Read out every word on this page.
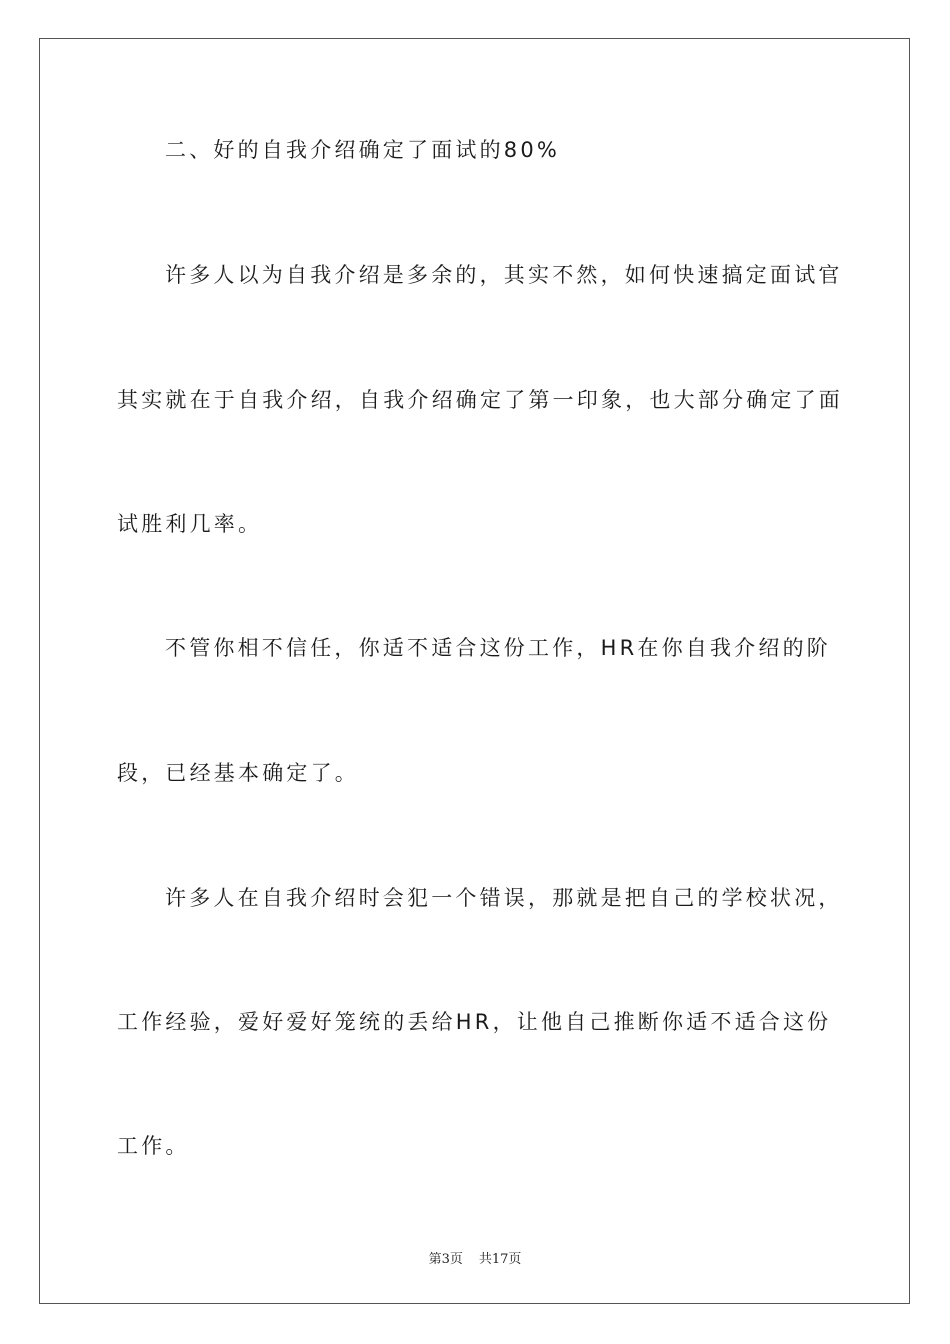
二、好的自我介绍确定了面试的80%
许多人以为自我介绍是多余的，其实不然，如何快速搞定面试官
其实就在于自我介绍，自我介绍确定了第一印象，也大部分确定了面
试胜利几率。
不管你相不信任，你适不适合这份工作，HR在你自我介绍的阶
段，已经基本确定了。
许多人在自我介绍时会犯一个错误，那就是把自己的学校状况，
工作经验，爱好爱好笼统的丢给HR，让他自己推断你适不适合这份
工作。
第3页 共17页
